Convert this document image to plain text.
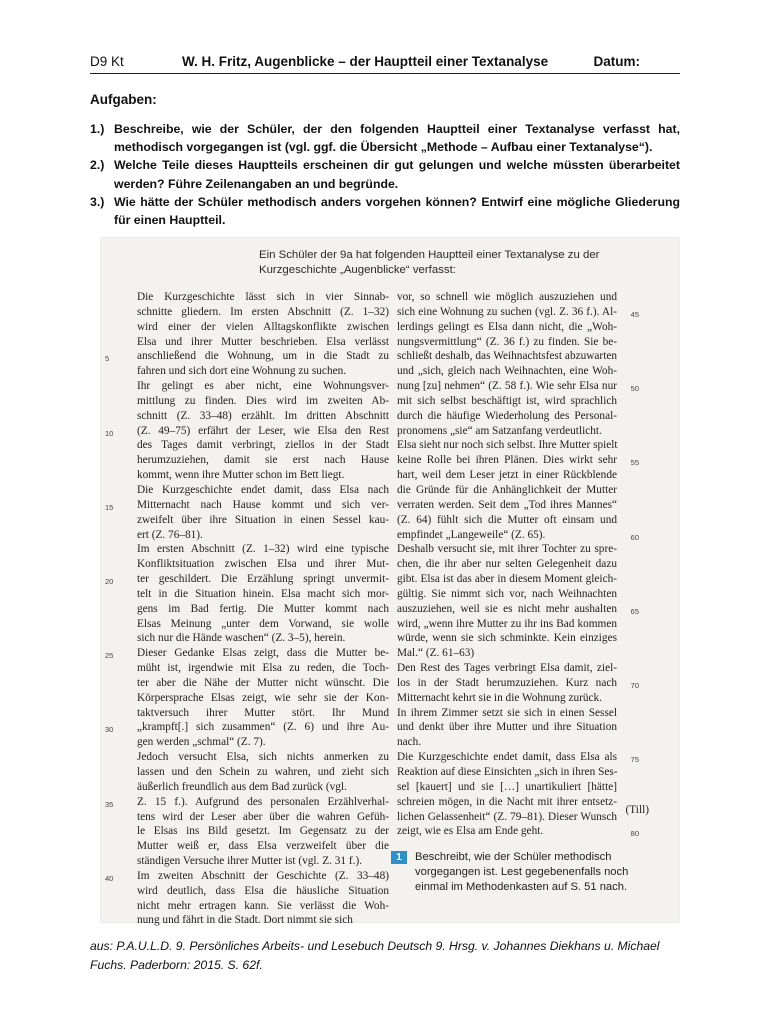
D9 Kt	W. H. Fritz, Augenblicke – der Hauptteil einer Textanalyse	Datum:
Aufgaben:
1.) Beschreibe, wie der Schüler, der den folgenden Hauptteil einer Textanalyse verfasst hat, methodisch vorgegangen ist (vgl. ggf. die Übersicht „Methode – Aufbau einer Textanalyse“).
2.) Welche Teile dieses Hauptteils erscheinen dir gut gelungen und welche müssten überarbeitet werden? Führe Zeilenangaben an und begründe.
3.) Wie hätte der Schüler methodisch anders vorgehen können? Entwirf eine mögliche Gliederung für einen Hauptteil.
Ein Schüler der 9a hat folgenden Hauptteil einer Textanalyse zu der Kurzgeschichte „Augenblicke“ verfasst:
Die Kurzgeschichte lässt sich in vier Sinnab-
schnitte gliedern. Im ersten Abschnitt (Z. 1–32)
wird einer der vielen Alltagskonflikte zwischen
Elsa und ihrer Mutter beschrieben. Elsa verlässt
anschließend die Wohnung, um in die Stadt zu
5
fahren und sich dort eine Wohnung zu suchen.
Ihr gelingt es aber nicht, eine Wohnungsver-
mittlung zu finden. Dies wird im zweiten Ab-
schnitt (Z. 33–48) erzählt. Im dritten Abschnitt
(Z. 49–75) erfährt der Leser, wie Elsa den Rest
10
des Tages damit verbringt, ziellos in der Stadt
herumzuziehen, damit sie erst nach Hause
kommt, wenn ihre Mutter schon im Bett liegt.
Die Kurzgeschichte endet damit, dass Elsa nach
Mitternacht nach Hause kommt und sich ver-
15
zweifelt über ihre Situation in einen Sessel kau-
ert (Z. 76–81).
Im ersten Abschnitt (Z. 1–32) wird eine typische
Konfliktsituation zwischen Elsa und ihrer Mut-
ter geschildert. Die Erzählung springt unvermit-
20
telt in die Situation hinein. Elsa macht sich mor-
gens im Bad fertig. Die Mutter kommt nach
Elsas Meinung „unter dem Vorwand, sie wolle
sich nur die Hände waschen“ (Z. 3–5), herein.
Dieser Gedanke Elsas zeigt, dass die Mutter be-
25
müht ist, irgendwie mit Elsa zu reden, die Toch-
ter aber die Nähe der Mutter nicht wünscht. Die
Körpersprache Elsas zeigt, wie sehr sie der Kon-
taktversuch ihrer Mutter stört. Ihr Mund
„krampft[.] sich zusammen“ (Z. 6) und ihre Au-
30
gen werden „schmal“ (Z. 7).
Jedoch versucht Elsa, sich nichts anmerken zu
lassen und den Schein zu wahren, und zieht sich
äußerlich freundlich aus dem Bad zurück (vgl.
Z. 15 f.). Aufgrund des personalen Erzählverhal-
35
tens wird der Leser aber über die wahren Gefüh-
le Elsas ins Bild gesetzt. Im Gegensatz zu der
Mutter weiß er, dass Elsa verzweifelt über die
ständigen Versuche ihrer Mutter ist (vgl. Z. 31 f.).
Im zweiten Abschnitt der Geschichte (Z. 33–48)
40
wird deutlich, dass Elsa die häusliche Situation
nicht mehr ertragen kann. Sie verlässt die Woh-
nung und fährt in die Stadt. Dort nimmt sie sich
vor, so schnell wie möglich auszuziehen und
sich eine Wohnung zu suchen (vgl. Z. 36 f.). Al- 45
lerdings gelingt es Elsa dann nicht, die „Woh-
nungsvermittlung“ (Z. 36 f.) zu finden. Sie be-
schließt deshalb, das Weihnachtsfest abzuwarten
und „sich, gleich nach Weihnachten, eine Woh-
nung [zu] nehmen“ (Z. 58 f.). Wie sehr Elsa nur 50
mit sich selbst beschäftigt ist, wird sprachlich
durch die häufige Wiederholung des Personal-
pronomens „sie“ am Satzanfang verdeutlicht.
Elsa sieht nur noch sich selbst. Ihre Mutter spielt
keine Rolle bei ihren Plänen. Dies wirkt sehr 55
hart, weil dem Leser jetzt in einer Rückblende
die Gründe für die Anhänglichkeit der Mutter
verraten werden. Seit dem „Tod ihres Mannes“
(Z. 64) fühlt sich die Mutter oft einsam und
empfindet „Langeweile“ (Z. 65).	60
Deshalb versucht sie, mit ihrer Tochter zu spre-
chen, die ihr aber nur selten Gelegenheit dazu
gibt. Elsa ist das aber in diesem Moment gleich-
gültig. Sie nimmt sich vor, nach Weihnachten
auszuziehen, weil sie es nicht mehr aushalten 65
wird, „wenn ihre Mutter zu ihr ins Bad kommen
würde, wenn sie sich schminkte. Kein einziges
Mal.“ (Z. 61–63)
Den Rest des Tages verbringt Elsa damit, ziel-
los in der Stadt herumzuziehen. Kurz nach 70
Mitternacht kehrt sie in die Wohnung zurück.
In ihrem Zimmer setzt sie sich in einen Sessel
und denkt über ihre Mutter und ihre Situation
nach.
Die Kurzgeschichte endet damit, dass Elsa als 75
Reaktion auf diese Einsichten „sich in ihren Ses-
sel [kauert] und sie […] unartikuliert [hätte]
schreien mögen, in die Nacht mit ihrer entsetz-
lichen Gelassenheit“ (Z. 79–81). Dieser Wunsch
zeigt, wie es Elsa am Ende geht.	80
(Till)
1	Beschreibt, wie der Schüler methodisch vorgegangen ist. Lest gegebenenfalls noch einmal im Methodenkasten auf S. 51 nach.
aus: P.A.U.L.D. 9. Persönliches Arbeits- und Lesebuch Deutsch 9. Hrsg. v. Johannes Diekhans u. Michael Fuchs. Paderborn: 2015. S. 62f.
